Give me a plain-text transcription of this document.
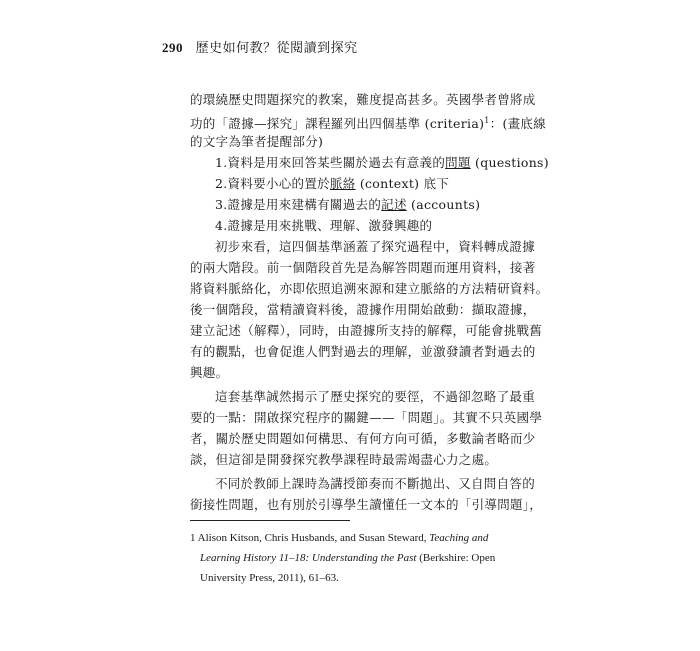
290 歷史如何教？從閱讀到探究
的環繞歷史問題探究的教案，難度提高甚多。英國學者曾將成
功的「證據—探究」課程羅列出四個基準 (criteria)$^1$：(畫底線
的文字為筆者提醒部分)
1.資料是用來回答某些關於過去有意義的問題 (questions)
2.資料要小心的置於脈絡 (context) 底下
3.證據是用來建構有關過去的記述 (accounts)
4.證據是用來挑戰、理解、激發興趣的
初步來看，這四個基準涵蓋了探究過程中，資料轉成證據
的兩大階段。前一個階段首先是為解答問題而運用資料，接著
將資料脈絡化，亦即依照追溯來源和建立脈絡的方法精研資料。
後一個階段，當精讀資料後，證據作用開始啟動：擷取證據，
建立記述（解釋），同時，由證據所支持的解釋，可能會挑戰舊
有的觀點，也會促進人們對過去的理解，並激發讀者對過去的
興趣。
這套基準誠然揭示了歷史探究的要徑，不過卻忽略了最重
要的一點：開啟探究程序的關鍵——「問題」。其實不只英國學
者，關於歷史問題如何構思、有何方向可循，多數論者略而少
談，但這卻是開發探究教學課程時最需竭盡心力之處。
不同於教師上課時為講授節奏而不斷拋出、又自問自答的
銜接性問題，也有別於引導學生讀懂任一文本的「引導問題」，
1 Alison Kitson, Chris Husbands, and Susan Steward, Teaching and
Learning History 11–18: Understanding the Past (Berkshire: Open
University Press, 2011), 61–63.
